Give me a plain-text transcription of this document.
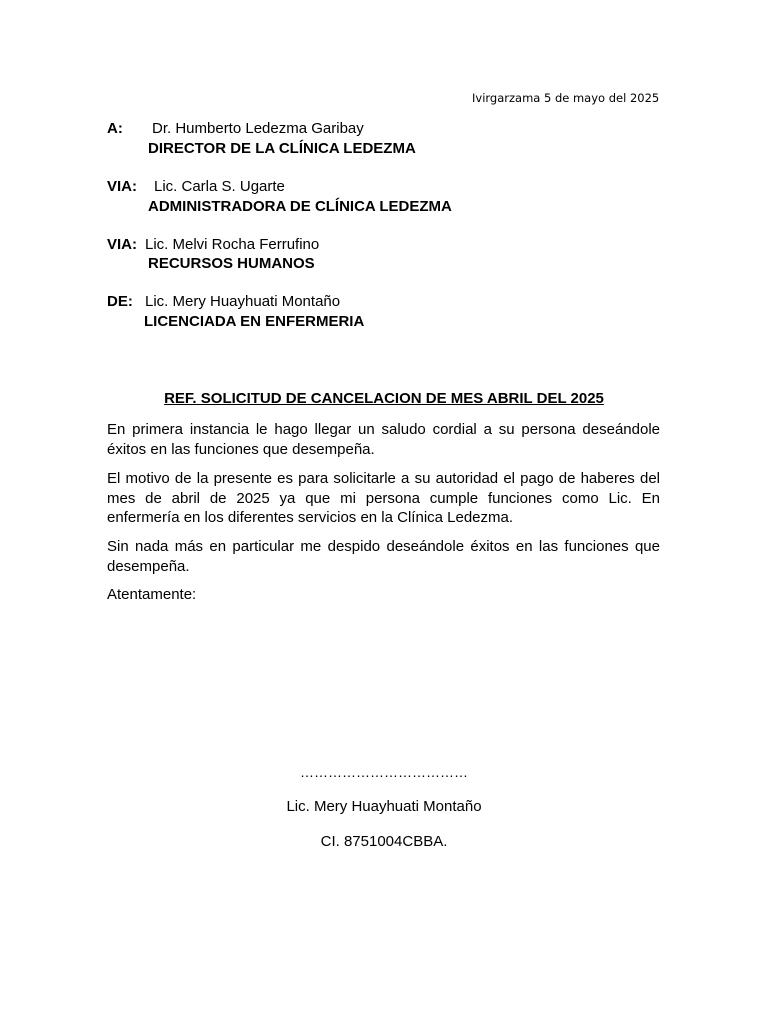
Ivirgarzama 5 de mayo del 2025
A: Dr. Humberto Ledezma Garibay
DIRECTOR DE LA CLÍNICA LEDEZMA
VIA: Lic. Carla S. Ugarte
ADMINISTRADORA DE CLÍNICA LEDEZMA
VIA: Lic. Melvi Rocha Ferrufino
RECURSOS HUMANOS
DE: Lic. Mery Huayhuati Montaño
LICENCIADA EN ENFERMERIA
REF. SOLICITUD DE CANCELACION DE MES ABRIL DEL 2025

En primera instancia le hago llegar un saludo cordial a su persona deseándole éxitos en las funciones que desempeña.

El motivo de la presente es para solicitarle a su autoridad el pago de haberes del mes de abril de 2025 ya que mi persona cumple funciones como Lic. En enfermería en los diferentes servicios en la Clínica Ledezma.

Sin nada más en particular me despido deseándole éxitos en las funciones que desempeña.

Atentamente:
………………………………
Lic. Mery Huayhuati Montaño
CI. 8751004CBBA.
